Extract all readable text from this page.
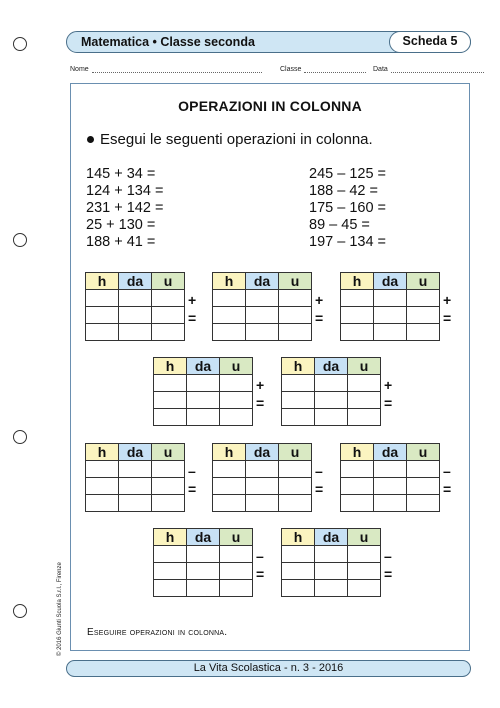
Matematica • Classe seconda	Scheda 5
Nome	Classe	Data
OPERAZIONI IN COLONNA
Esegui le seguenti operazioni in colonna.
145 + 34 =
124 + 134 =
231 + 142 =
25 + 130 =
188 + 41 =
245 – 125 =
188 – 42 =
175 – 160 =
89 – 45 =
197 – 134 =
h	da	u

+
=
h	da	u

+
=
h	da	u

+
=
h	da	u

+
=
h	da	u

+
=
h	da	u

–
=
h	da	u

–
=
h	da	u

–
=
h	da	u

–
=
h	da	u

–
=
Eseguire operazioni in colonna.
© 2016 Giunti Scuola S.r.l., Firenze
La Vita Scolastica - n. 3 - 2016
